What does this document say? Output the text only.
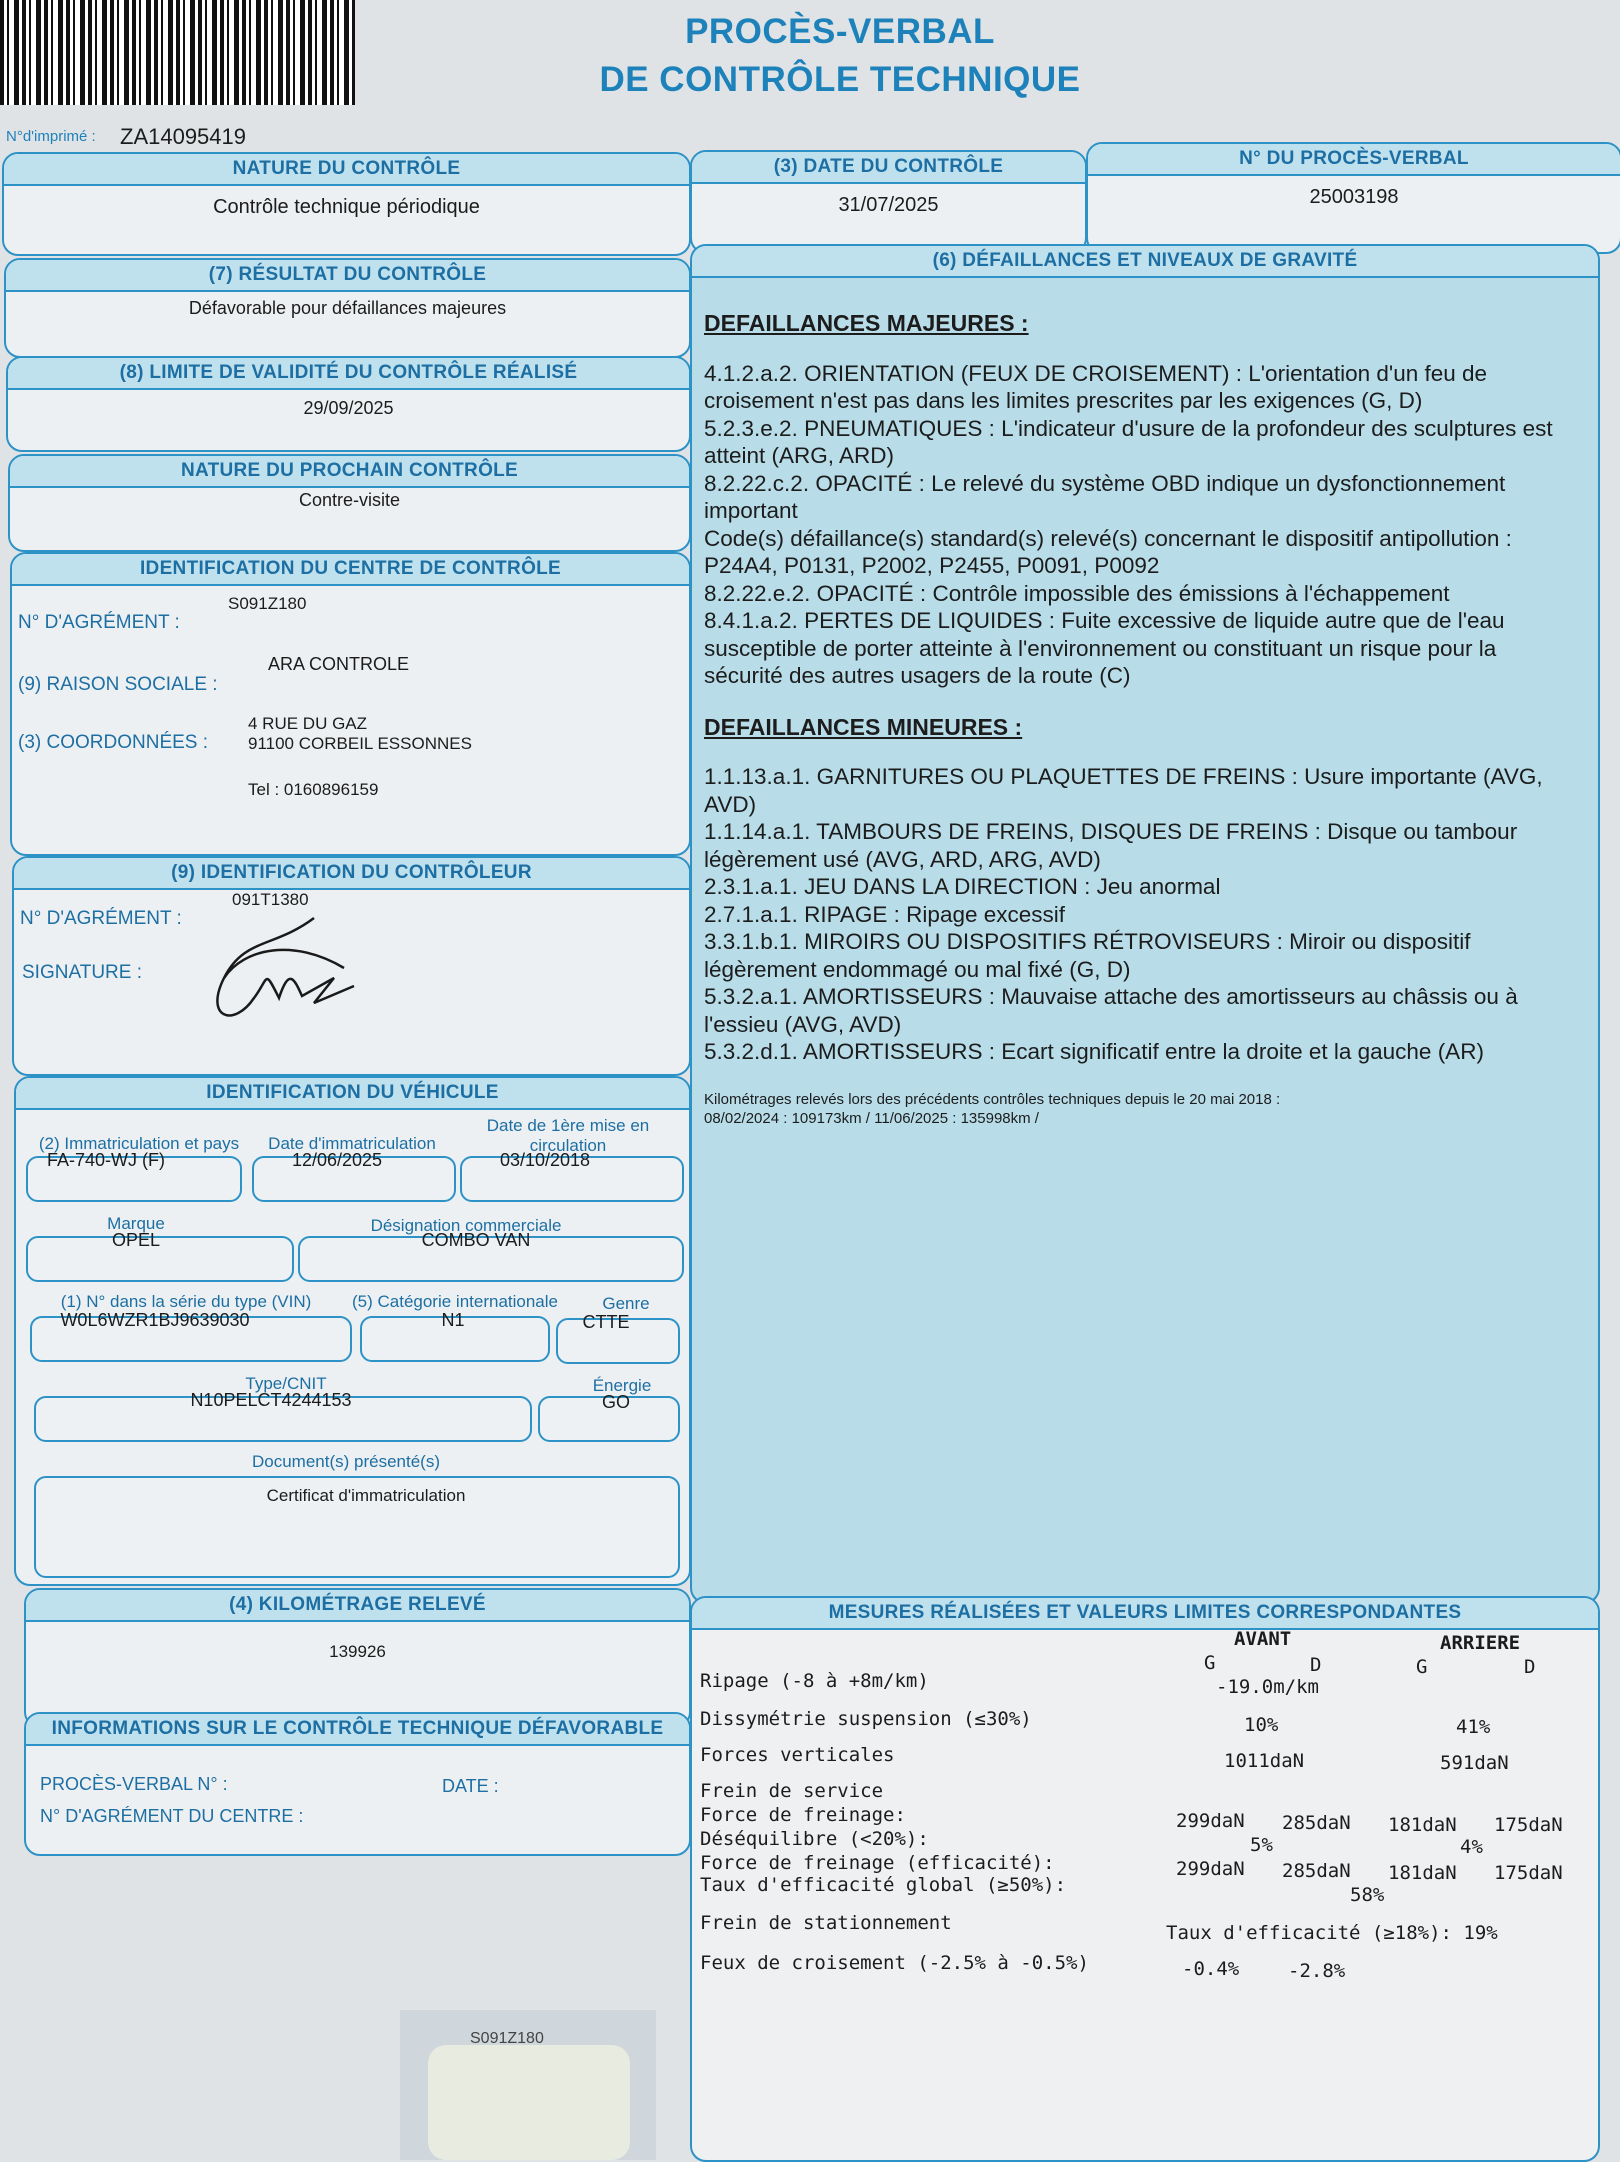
PROCÈS-VERBAL
DE CONTRÔLE TECHNIQUE
N°d'imprimé : ZA14095419
NATURE DU CONTRÔLE
Contrôle technique périodique
(3) DATE DU CONTRÔLE
31/07/2025
N° DU PROCÈS-VERBAL
25003198
(7) RÉSULTAT DU CONTRÔLE
Défavorable pour défaillances majeures
(8) LIMITE DE VALIDITÉ DU CONTRÔLE RÉALISÉ
29/09/2025
NATURE DU PROCHAIN CONTRÔLE
Contre-visite
IDENTIFICATION DU CENTRE DE CONTRÔLE
N° D'AGRÉMENT :
S091Z180
(9) RAISON SOCIALE :
ARA CONTROLE
(3) COORDONNÉES :
4 RUE DU GAZ
91100 CORBEIL ESSONNES
Tel : 0160896159
(9) IDENTIFICATION DU CONTRÔLEUR
N° D'AGRÉMENT :
091T1380
SIGNATURE :
IDENTIFICATION DU VÉHICULE
(2) Immatriculation et pays	Date d'immatriculation
Date de 1ère mise en circulation
FA-740-WJ (F)	12/06/2025	03/10/2018
Marque	Désignation commerciale
OPEL	COMBO VAN
(1) N° dans la série du type (VIN)	(5) Catégorie internationale	Genre
W0L6WZR1BJ9639030	N1	CTTE
Type/CNIT	Énergie
N10PELCT4244153	GO
Document(s) présenté(s)
Certificat d'immatriculation
(4) KILOMÉTRAGE RELEVÉ
139926
INFORMATIONS SUR LE CONTRÔLE TECHNIQUE DÉFAVORABLE
PROCÈS-VERBAL N° :	DATE :
N° D'AGRÉMENT DU CENTRE :
(6) DÉFAILLANCES ET NIVEAUX DE GRAVITÉ
DEFAILLANCES MAJEURES :

4.1.2.a.2. ORIENTATION (FEUX DE CROISEMENT) : L'orientation d'un feu de croisement n'est pas dans les limites prescrites par les exigences (G, D)

5.2.3.e.2. PNEUMATIQUES : L'indicateur d'usure de la profondeur des sculptures est atteint (ARG, ARD)

8.2.22.c.2. OPACITÉ : Le relevé du système OBD indique un dysfonctionnement important

Code(s) défaillance(s) standard(s) relevé(s) concernant le dispositif antipollution : P24A4, P0131, P2002, P2455, P0091, P0092

8.2.22.e.2. OPACITÉ : Contrôle impossible des émissions à l'échappement

8.4.1.a.2. PERTES DE LIQUIDES : Fuite excessive de liquide autre que de l'eau susceptible de porter atteinte à l'environnement ou constituant un risque pour la sécurité des autres usagers de la route (C)

DEFAILLANCES MINEURES :

1.1.13.a.1. GARNITURES OU PLAQUETTES DE FREINS : Usure importante (AVG, AVD)

1.1.14.a.1. TAMBOURS DE FREINS, DISQUES DE FREINS : Disque ou tambour légèrement usé (AVG, ARD, ARG, AVD)

2.3.1.a.1. JEU DANS LA DIRECTION : Jeu anormal

2.7.1.a.1. RIPAGE : Ripage excessif

3.3.1.b.1. MIROIRS OU DISPOSITIFS RÉTROVISEURS : Miroir ou dispositif légèrement endommagé ou mal fixé (G, D)

5.3.2.a.1. AMORTISSEURS : Mauvaise attache des amortisseurs au châssis ou à l'essieu (AVG, AVD)

5.3.2.d.1. AMORTISSEURS : Ecart significatif entre la droite et la gauche (AR)

Kilométrages relevés lors des précédents contrôles techniques depuis le 20 mai 2018 :

08/02/2024 : 109173km / 11/06/2025 : 135998km /

MESURES RÉALISÉES ET VALEURS LIMITES CORRESPONDANTES
AVANT	ARRIERE
G	D	G	D
Ripage (-8 à +8m/km)	-19.0m/km
Dissymétrie suspension (≤30%)	10%	41%
Forces verticales	1011daN	591daN
Frein de service
Force de freinage:	299daN 285daN 181daN 175daN
Déséquilibre (<20%):	5%	4%
Force de freinage (efficacité):	299daN 285daN 181daN 175daN
Taux d'efficacité global (≥50%):	58%
Frein de stationnement	Taux d'efficacité (≥18%): 19%
Feux de croisement (-2.5% à -0.5%)	-0.4%	-2.8%
S091Z180
